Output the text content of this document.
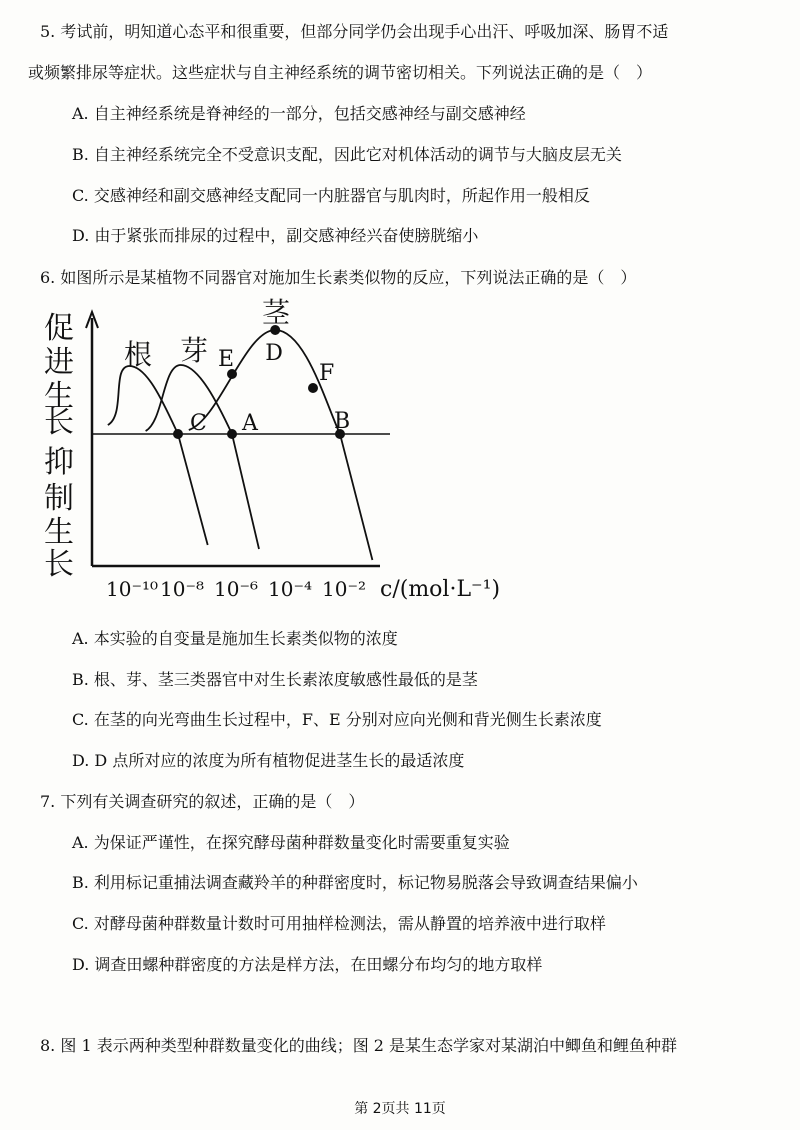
5. 考试前，明知道心态平和很重要，但部分同学仍会出现手心出汗、呼吸加深、肠胃不适
或频繁排尿等症状。这些症状与自主神经系统的调节密切相关。下列说法正确的是（　）
A. 自主神经系统是脊神经的一部分，包括交感神经与副交感神经
B. 自主神经系统完全不受意识支配，因此它对机体活动的调节与大脑皮层无关
C. 交感神经和副交感神经支配同一内脏器官与肌肉时，所起作用一般相反
D. 由于紧张而排尿的过程中，副交感神经兴奋使膀胱缩小
6. 如图所示是某植物不同器官对施加生长素类似物的反应，下列说法正确的是（　）
促
进
生
长
抑
制
生
长
C A
E D
F
B
根 芽
茎
10⁻¹⁰ 10⁻⁸ 10⁻⁶ 10⁻⁴ 10⁻² c/(mol·L⁻¹)
A. 本实验的自变量是施加生长素类似物的浓度
B. 根、芽、茎三类器官中对生长素浓度敏感性最低的是茎
C. 在茎的向光弯曲生长过程中，F、E 分别对应向光侧和背光侧生长素浓度
D. D 点所对应的浓度为所有植物促进茎生长的最适浓度
7. 下列有关调查研究的叙述，正确的是（　）
A. 为保证严谨性，在探究酵母菌种群数量变化时需要重复实验
B. 利用标记重捕法调查藏羚羊的种群密度时，标记物易脱落会导致调查结果偏小
C. 对酵母菌种群数量计数时可用抽样检测法，需从静置的培养液中进行取样
D. 调查田螺种群密度的方法是样方法，在田螺分布均匀的地方取样
8. 图 1 表示两种类型种群数量变化的曲线；图 2 是某生态学家对某湖泊中鲫鱼和鲤鱼种群
第 2页共 11页
